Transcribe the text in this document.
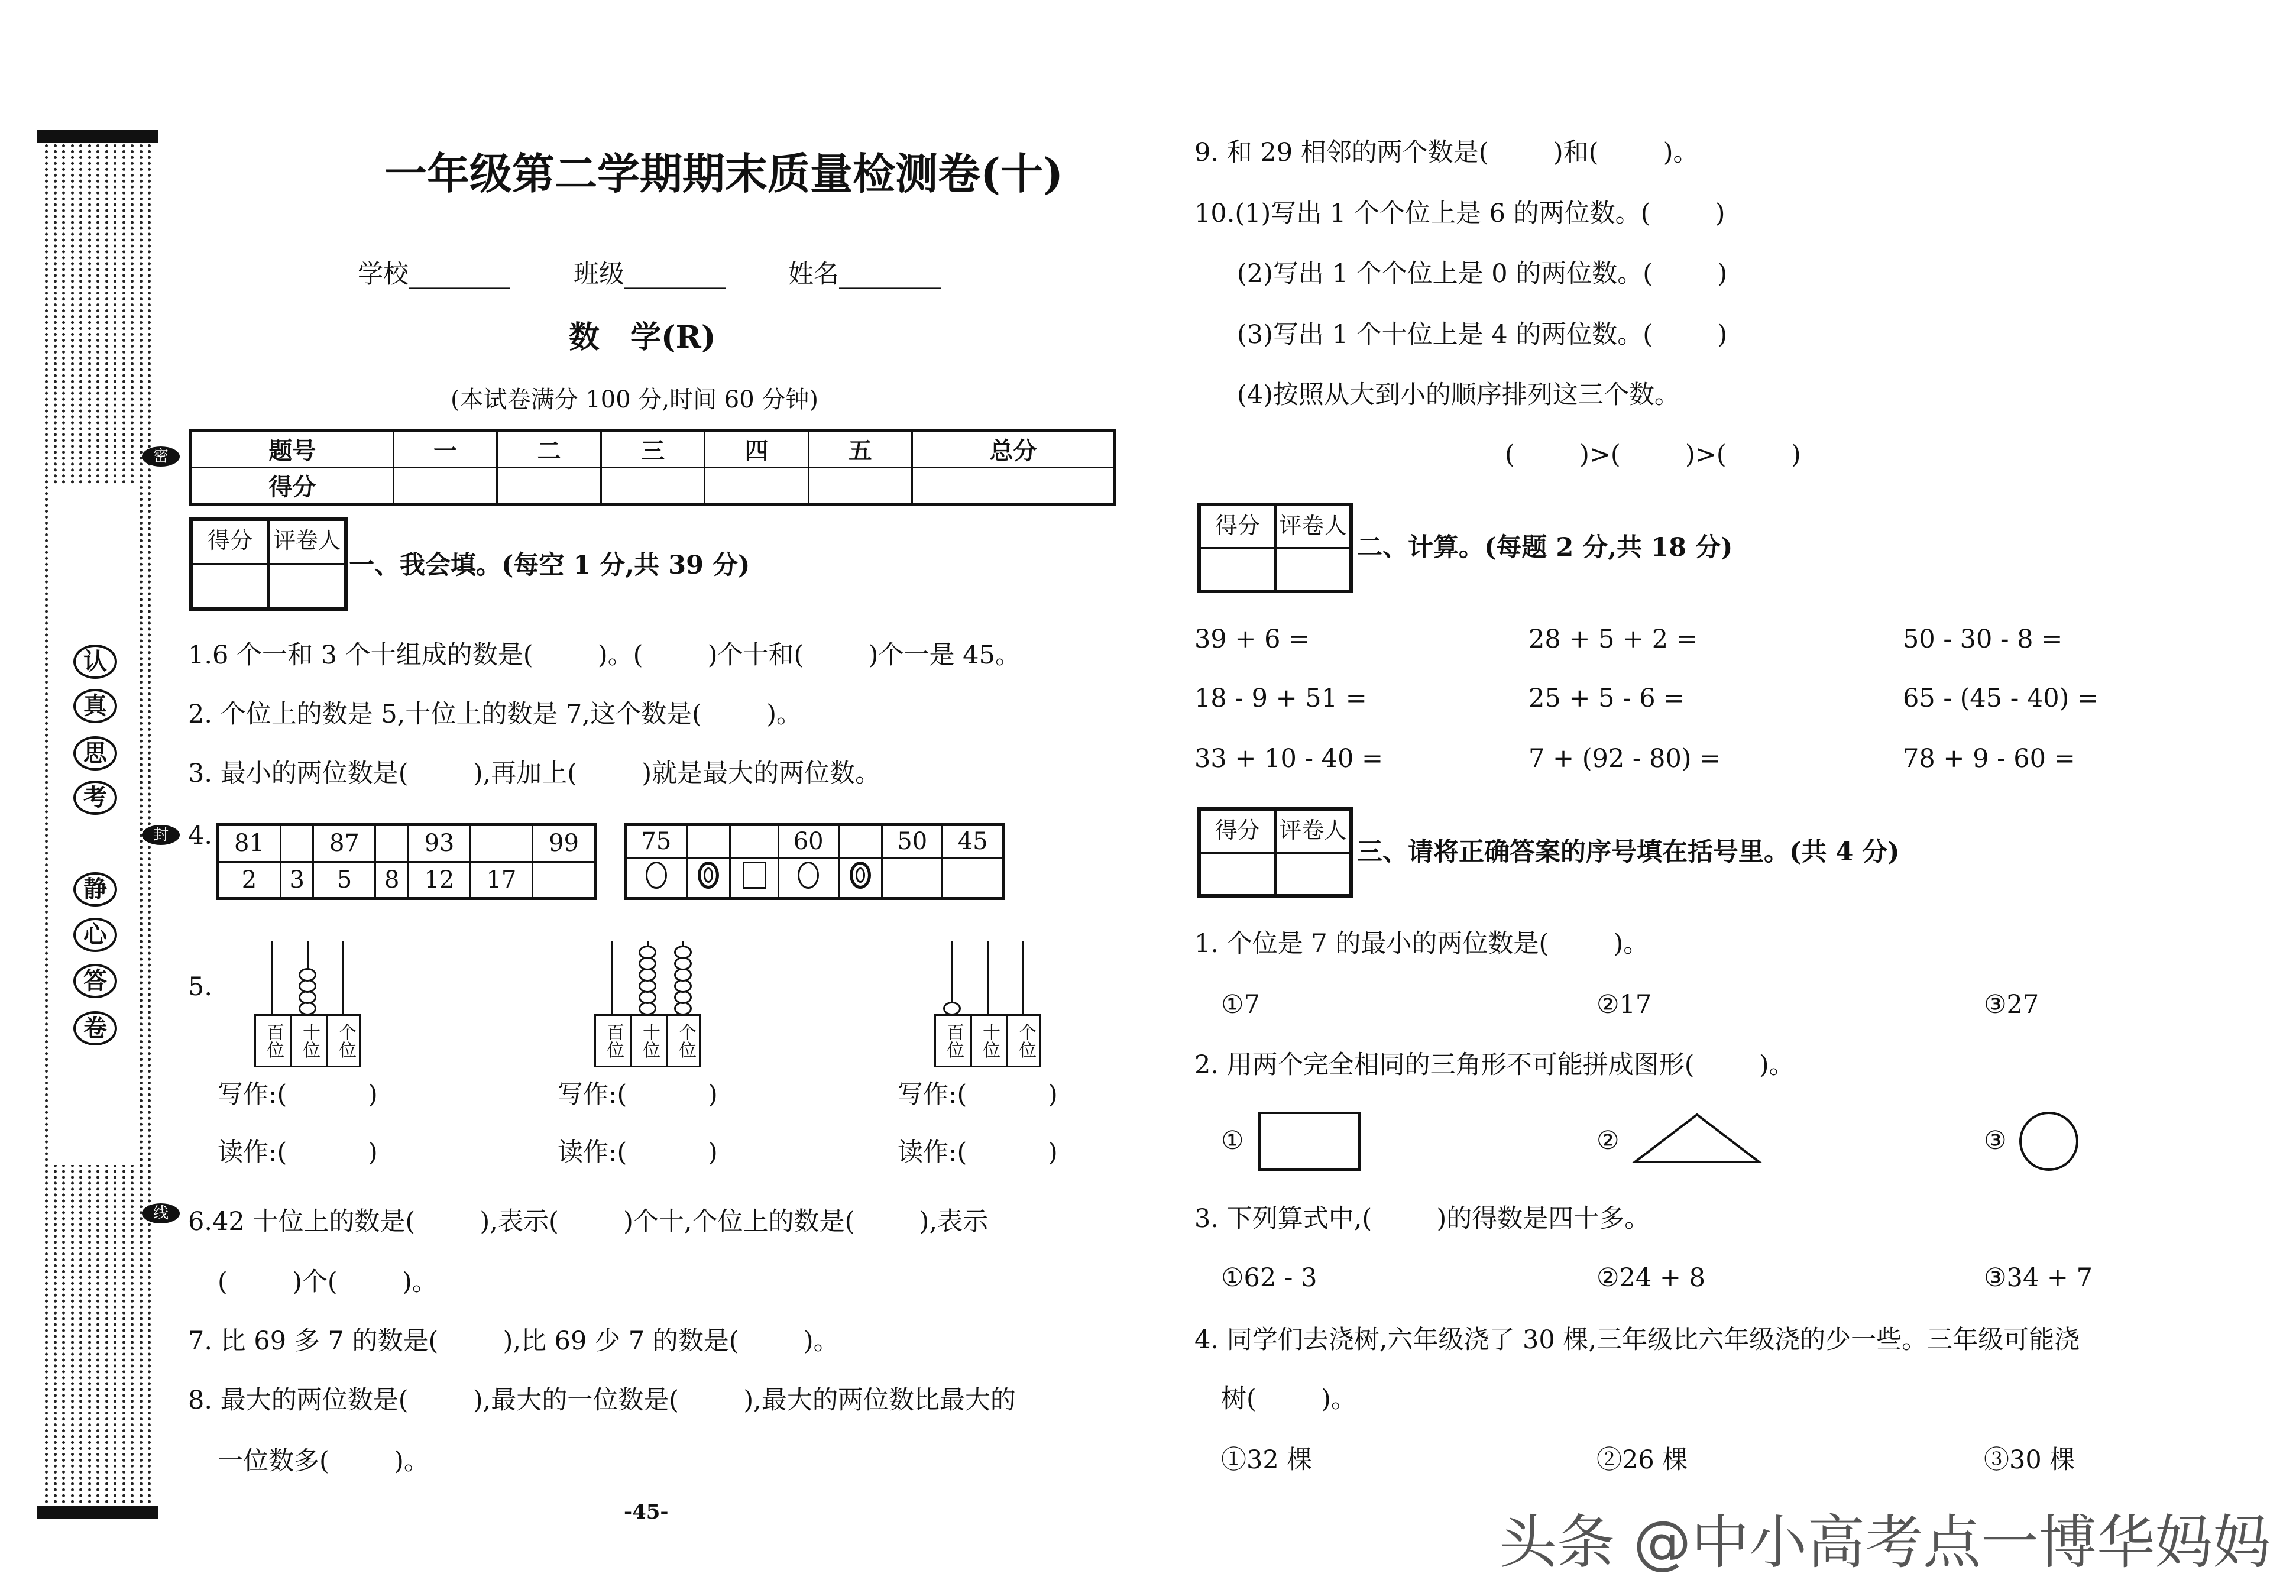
密
封
线
认
真
思
考
静
心
答
卷
一年级第二学期期末质量检测卷(十)
学校________ 班级________ 姓名________
数　学(R)
(本试卷满分 100 分,时间 60 分钟)
题号	一	二	三	四	五	总分
得分						
得分 评卷人
一、我会填。(每空 1 分,共 39 分)
1.6 个一和 3 个十组成的数是(        )。(        )个十和(        )个一是 45。
2. 个位上的数是 5,十位上的数是 7,这个数是(        )。
3. 最小的两位数是(        ),再加上(        )就是最大的两位数。
4. 81		87		93		99
2	3	5	8	12	17	
75			60		50	45

5.
百位 十位 个位
写作:(          )
读作:(          )
百位 十位 个位
写作:(          )
读作:(          )
百位 十位 个位
写作:(          )
读作:(          )
6.42 十位上的数是(        ),表示(        )个十,个位上的数是(        ),表示
(        )个(        )。
7. 比 69 多 7 的数是(        ),比 69 少 7 的数是(        )。
8. 最大的两位数是(        ),最大的一位数是(        ),最大的两位数比最大的
一位数多(        )。
-45-
9. 和 29 相邻的两个数是(        )和(        )。
10.(1)写出 1 个个位上是 6 的两位数。(        )
(2)写出 1 个个位上是 0 的两位数。(        )
(3)写出 1 个十位上是 4 的两位数。(        )
(4)按照从大到小的顺序排列这三个数。
(        )>(        )>(        )
得分 评卷人
二、计算。(每题 2 分,共 18 分)
39 + 6 =	28 + 5 + 2 =	50 - 30 - 8 =
18 - 9 + 51 =	25 + 5 - 6 =	65 - (45 - 40) =
33 + 10 - 40 =	7 + (92 - 80) =	78 + 9 - 60 =
得分 评卷人
三、请将正确答案的序号填在括号里。(共 4 分)
1. 个位是 7 的最小的两位数是(        )。
①7	②17	③27
2. 用两个完全相同的三角形不可能拼成图形(        )。
①	②	③
3. 下列算式中,(        )的得数是四十多。
①62 - 3	②24 + 8	③34 + 7
4. 同学们去浇树,六年级浇了 30 棵,三年级比六年级浇的少一些。三年级可能浇
树(        )。
①32 棵	②26 棵	③30 棵
头条 @中小高考点一博华妈妈
